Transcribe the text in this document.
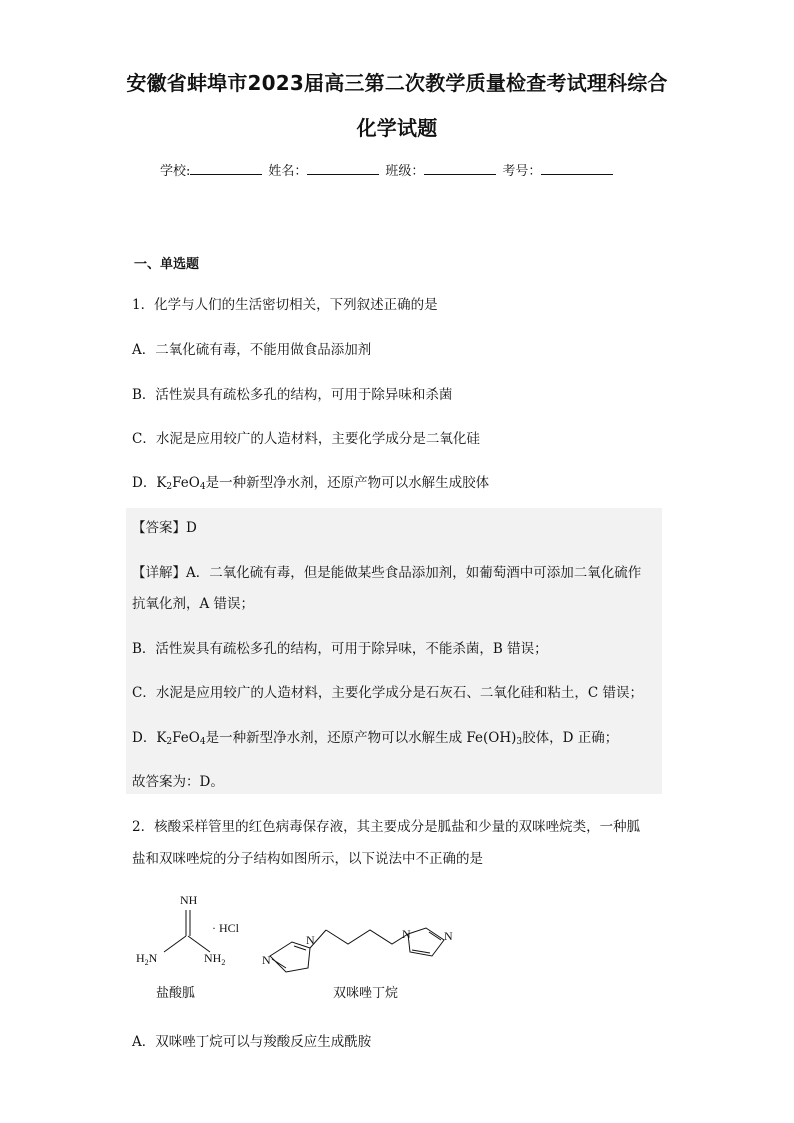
安徽省蚌埠市2023届高三第二次教学质量检查考试理科综合
化学试题
学校:	姓名：	班级：	考号：
一、单选题
1．化学与人们的生活密切相关，下列叙述正确的是
A．二氧化硫有毒，不能用做食品添加剂
B．活性炭具有疏松多孔的结构，可用于除异味和杀菌
C．水泥是应用较广的人造材料，主要化学成分是二氧化硅
D．$K_2FeO_4$是一种新型净水剂，还原产物可以水解生成胶体
【答案】D
【详解】A．二氧化硫有毒，但是能做某些食品添加剂，如葡萄酒中可添加二氧化硫作
抗氧化剂，A 错误；
B．活性炭具有疏松多孔的结构，可用于除异味，不能杀菌，B 错误；
C．水泥是应用较广的人造材料，主要化学成分是石灰石、二氧化硅和粘土，C 错误；
D．$K_2FeO_4$是一种新型净水剂，还原产物可以水解生成 $Fe(OH)_3$胶体，D 正确；
故答案为：D。
2．核酸采样管里的红色病毒保存液，其主要成分是胍盐和少量的双咪唑烷类，一种胍
盐和双咪唑烷的分子结构如图所示，以下说法中不正确的是
NH
$H_2N$	$NH_2$
· HCl
N
N	N	N
盐酸胍	双咪唑丁烷
A．双咪唑丁烷可以与羧酸反应生成酰胺
